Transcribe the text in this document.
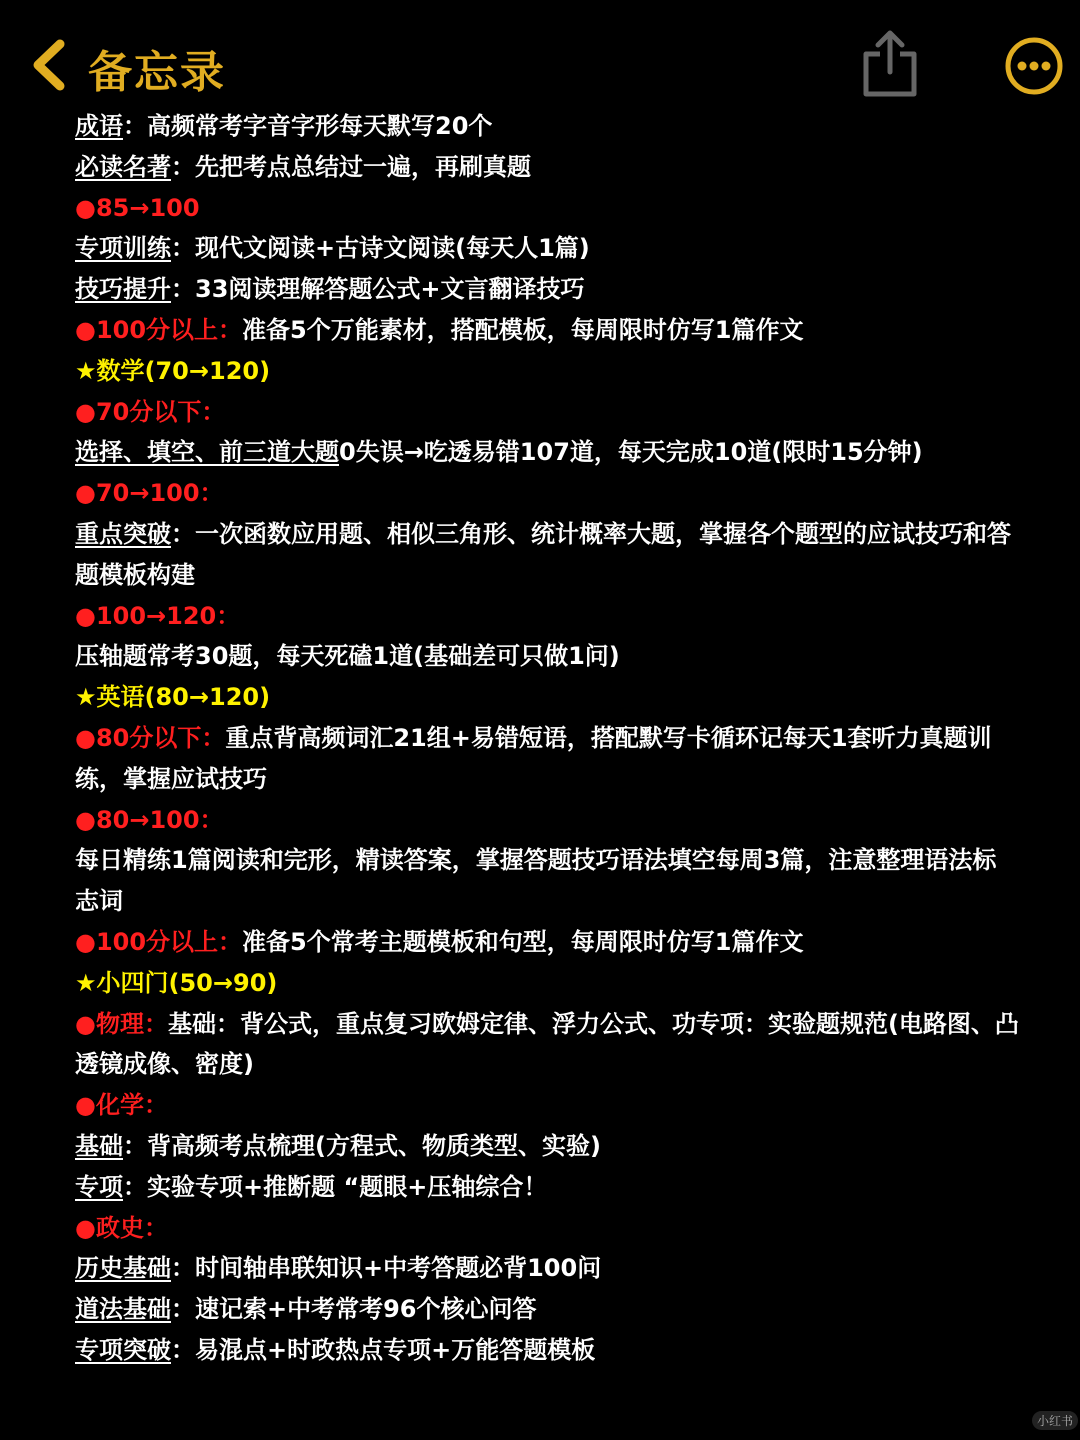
备忘录
成语：高频常考字音字形每天默写20个
必读名著：先把考点总结过一遍，再刷真题
●85→100
专项训练：现代文阅读+古诗文阅读(每天人1篇)
技巧提升：33阅读理解答题公式+文言翻译技巧
●100分以上：准备5个万能素材，搭配模板，每周限时仿写1篇作文
★数学(70→120)
●70分以下：
选择、填空、前三道大题0失误→吃透易错107道，每天完成10道(限时15分钟)
●70→100：
重点突破：一次函数应用题、相似三角形、统计概率大题，掌握各个题型的应试技巧和答题模板构建
●100→120：
压轴题常考30题，每天死磕1道(基础差可只做1问)
★英语(80→120)
●80分以下：重点背高频词汇21组+易错短语，搭配默写卡循环记每天1套听力真题训练，掌握应试技巧
●80→100：
每日精练1篇阅读和完形，精读答案，掌握答题技巧语法填空每周3篇，注意整理语法标志词
●100分以上：准备5个常考主题模板和句型，每周限时仿写1篇作文
★小四门(50→90)
●物理：基础：背公式，重点复习欧姆定律、浮力公式、功专项：实验题规范(电路图、凸透镜成像、密度)
●化学：
基础：背高频考点梳理(方程式、物质类型、实验)
专项：实验专项+推断题 “题眼+压轴综合！
●政史：
历史基础：时间轴串联知识+中考答题必背100问
道法基础：速记索+中考常考96个核心问答
专项突破：易混点+时政热点专项+万能答题模板
小红书
